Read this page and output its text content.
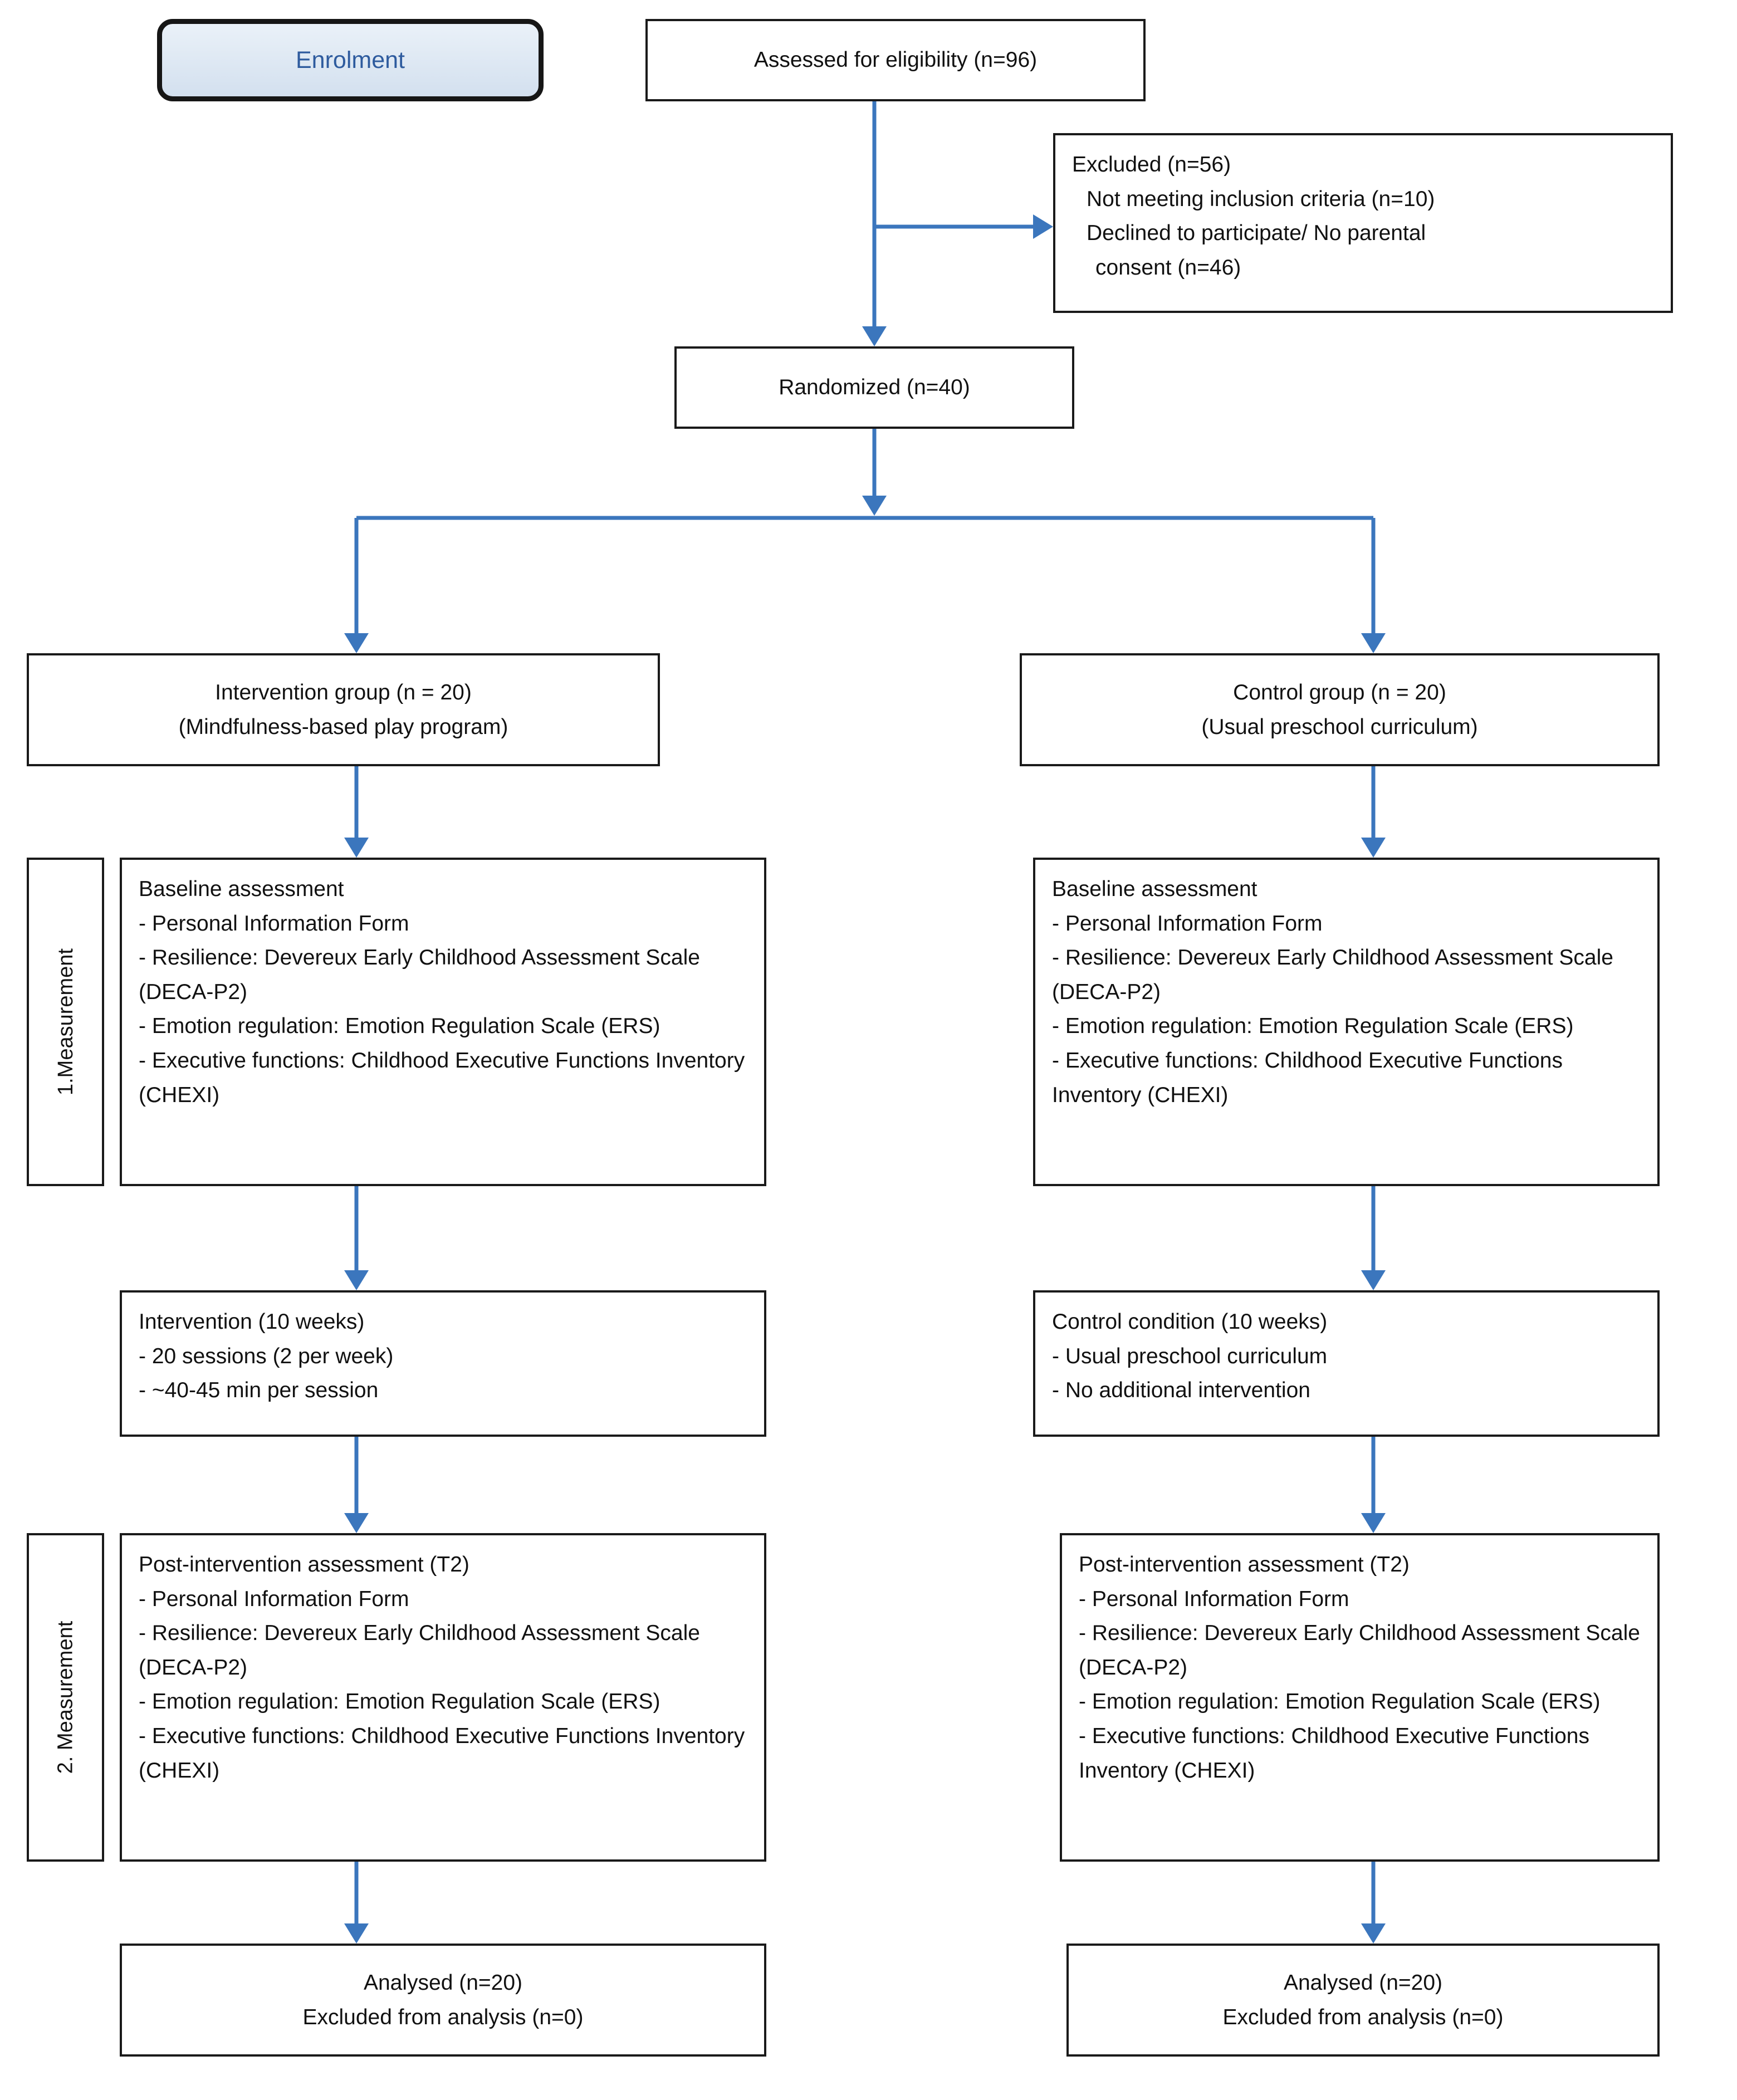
Enrolment	Assessed for eligibility (n=96)
Excluded (n=56)
Not meeting inclusion criteria (n=10)
Declined to participate/ No parental
consent (n=46)
Randomized (n=40)
Intervention group (n = 20)
(Mindfulness-based play program)
Control group (n = 20)
(Usual preschool curriculum)
1.Measurement
Baseline assessment
- Personal Information Form
- Resilience: Devereux Early Childhood Assessment Scale (DECA-P2)
- Emotion regulation: Emotion Regulation Scale (ERS)
- Executive functions: Childhood Executive Functions Inventory (CHEXI)
Baseline assessment
- Personal Information Form
- Resilience: Devereux Early Childhood Assessment Scale (DECA-P2)
- Emotion regulation: Emotion Regulation Scale (ERS)
- Executive functions: Childhood Executive Functions Inventory (CHEXI)
Intervention (10 weeks)
- 20 sessions (2 per week)
- ~40-45 min per session
Control condition (10 weeks)
- Usual preschool curriculum
- No additional intervention
2. Measurement
Post-intervention assessment (T2)
- Personal Information Form
- Resilience: Devereux Early Childhood Assessment Scale (DECA-P2)
- Emotion regulation: Emotion Regulation Scale (ERS)
- Executive functions: Childhood Executive Functions Inventory (CHEXI)
Post-intervention assessment (T2)
- Personal Information Form
- Resilience: Devereux Early Childhood Assessment Scale (DECA-P2)
- Emotion regulation: Emotion Regulation Scale (ERS)
- Executive functions: Childhood Executive Functions Inventory (CHEXI)
Analysed (n=20)
Excluded from analysis (n=0)
Analysed (n=20)
Excluded from analysis (n=0)
